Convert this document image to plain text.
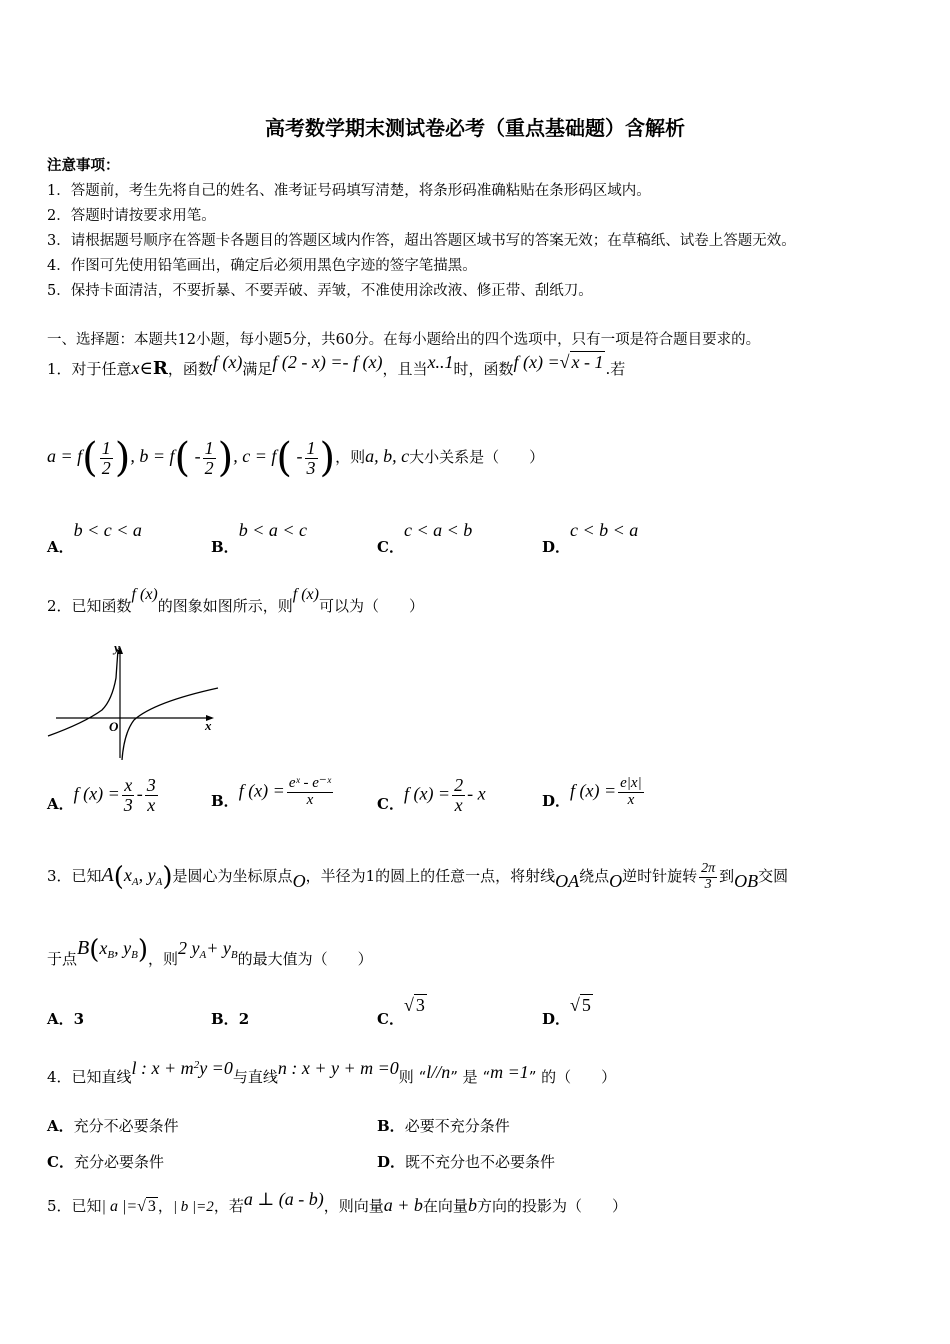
高考数学期末测试卷必考（重点基础题）含解析
注意事项：
1．答题前，考生先将自己的姓名、准考证号码填写清楚，将条形码准确粘贴在条形码区域内。
2．答题时请按要求用笔。
3．请根据题号顺序在答题卡各题目的答题区域内作答，超出答题区域书写的答案无效；在草稿纸、试卷上答题无效。
4．作图可先使用铅笔画出，确定后必须用黑色字迹的签字笔描黑。
5．保持卡面清洁，不要折暴、不要弄破、弄皱，不准使用涂改液、修正带、刮纸刀。
一、选择题：本题共12小题，每小题5分，共60分。在每小题给出的四个选项中，只有一项是符合题目要求的。
1．对于任意x∈R，函数f (x)满足f (2 - x) =- f (x)，且当x..1时，函数f (x) =√ x - 1 .若
$a = f( \frac{1}{2}$ ), $b = f( - \frac{1}{2}$ ), $c = f( - \frac{1}{3}$ )，则a, b, c大小关系是（　　）
A．b < c < a
B．b < a < c
C．c < a < b
D．c < b < a
2．已知函数f (x)的图象如图所示，则f (x)可以为（　　）
y
x
O
A．f $(x) = \frac{x}{3} - \frac{3}{x}$	B．f $(x) = \frac{\text{eˣ - e⁻ˣ}}{x}$	C．f $(x) = \frac{2}{x} - x$	D．f $(x) = \frac{e|x|}{x}$
3．已知$A(x_A$, $y_A$)是圆心为坐标原点O，半径为1的圆上的任意一点，将射线OA绕点O逆时针旋转 $\frac{2\pi}{3}$ 到OB交圆
于点$B(x_B$, $y_B$)，则2 $y_A+ y_B$的最大值为（　　）
A．3	B．2	C．√ 3
D．√ 5
4．已知直线l : $x + m^2y =0$与直线n : x + y + m =0则 “l//n” 是 “m =1” 的（　　）
A．充分不必要条件	B．必要不充分条件
C．充分必要条件	D．既不充分也不必要条件
5．已知| a |=√ 3 ，| b |=2，若a ⊥ (a - b)，则向量a + b在向量b方向的投影为（　　）
